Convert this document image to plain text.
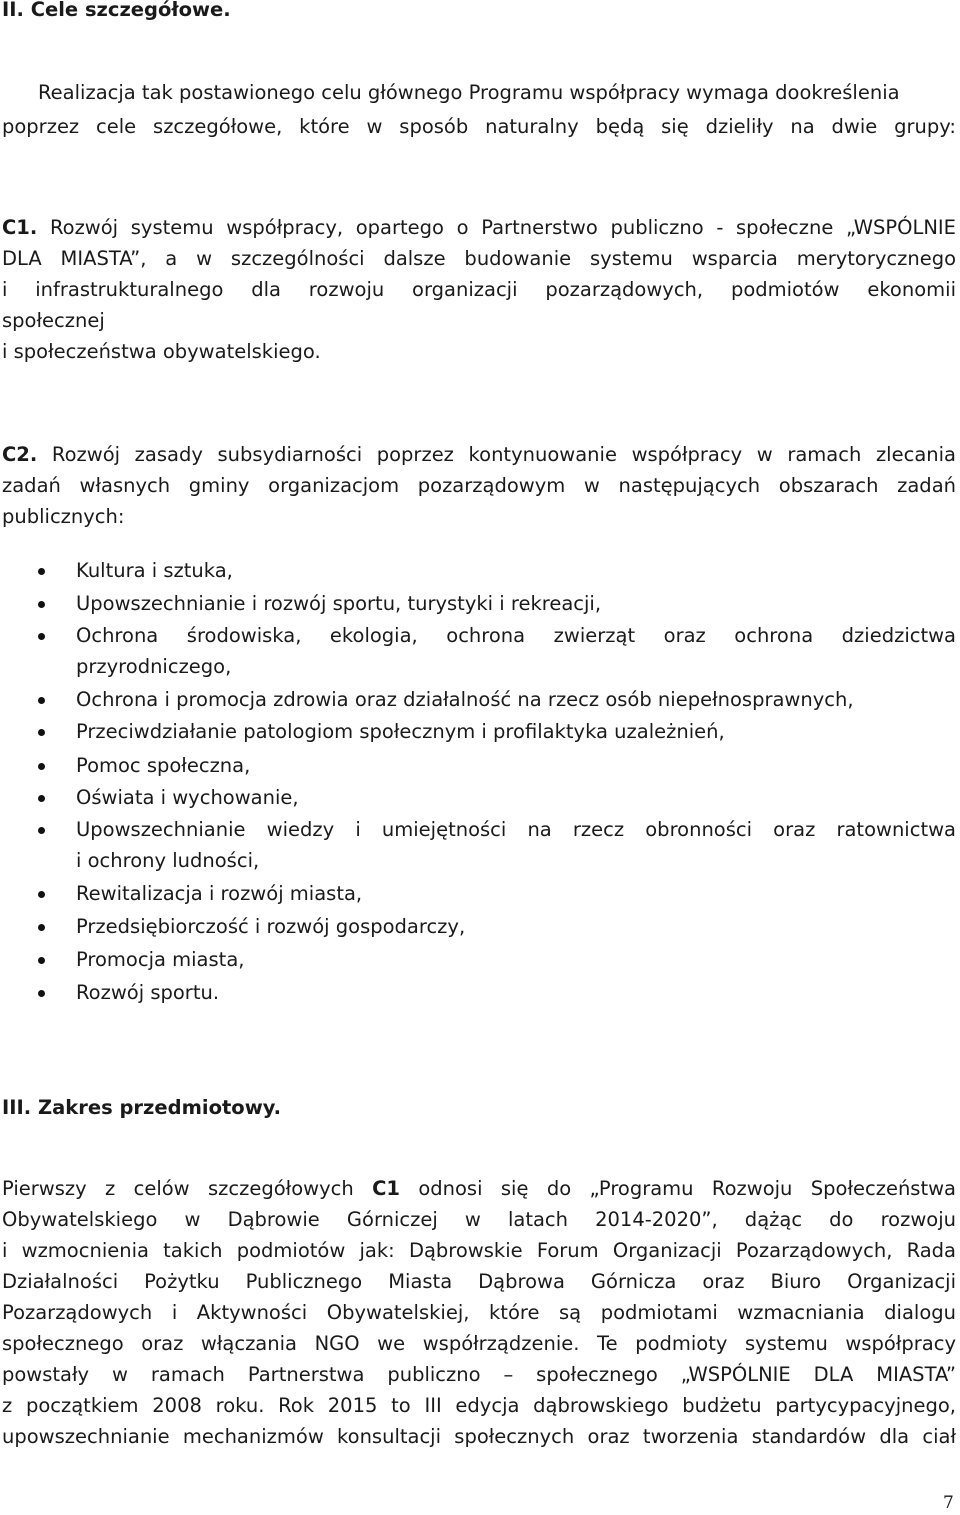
II. Cele szczegółowe.
Realizacja tak postawionego celu głównego Programu współpracy wymaga dookreślenia
poprzez cele szczegółowe, które w sposób naturalny będą się dzieliły na dwie grupy:
C1. Rozwój systemu współpracy, opartego o Partnerstwo publiczno - społeczne „WSPÓLNIE
DLA MIASTA”, a w szczególności dalsze budowanie systemu wsparcia merytorycznego
i infrastrukturalnego dla rozwoju organizacji pozarządowych, podmiotów ekonomii
społecznej
i społeczeństwa obywatelskiego.
C2. Rozwój zasady subsydiarności poprzez kontynuowanie współpracy w ramach zlecania
zadań własnych gminy organizacjom pozarządowym w następujących obszarach zadań
publicznych:
Kultura i sztuka,
Upowszechnianie i rozwój sportu, turystyki i rekreacji,
Ochrona środowiska, ekologia, ochrona zwierząt oraz ochrona dziedzictwa
przyrodniczego,
Ochrona i promocja zdrowia oraz działalność na rzecz osób niepełnosprawnych,
Przeciwdziałanie patologiom społecznym i profilaktyka uzależnień,
Pomoc społeczna,
Oświata i wychowanie,
Upowszechnianie wiedzy i umiejętności na rzecz obronności oraz ratownictwa
i ochrony ludności,
Rewitalizacja i rozwój miasta,
Przedsiębiorczość i rozwój gospodarczy,
Promocja miasta,
Rozwój sportu.
III. Zakres przedmiotowy.
Pierwszy z celów szczegółowych C1 odnosi się do „Programu Rozwoju Społeczeństwa
Obywatelskiego w Dąbrowie Górniczej w latach 2014-2020”, dążąc do rozwoju
i wzmocnienia takich podmiotów jak: Dąbrowskie Forum Organizacji Pozarządowych, Rada
Działalności Pożytku Publicznego Miasta Dąbrowa Górnicza oraz Biuro Organizacji
Pozarządowych i Aktywności Obywatelskiej, które są podmiotami wzmacniania dialogu
społecznego oraz włączania NGO we współrządzenie. Te podmioty systemu współpracy
powstały w ramach Partnerstwa publiczno – społecznego „WSPÓLNIE DLA MIASTA”
z początkiem 2008 roku. Rok 2015 to III edycja dąbrowskiego budżetu partycypacyjnego,
upowszechnianie mechanizmów konsultacji społecznych oraz tworzenia standardów dla ciał
7
